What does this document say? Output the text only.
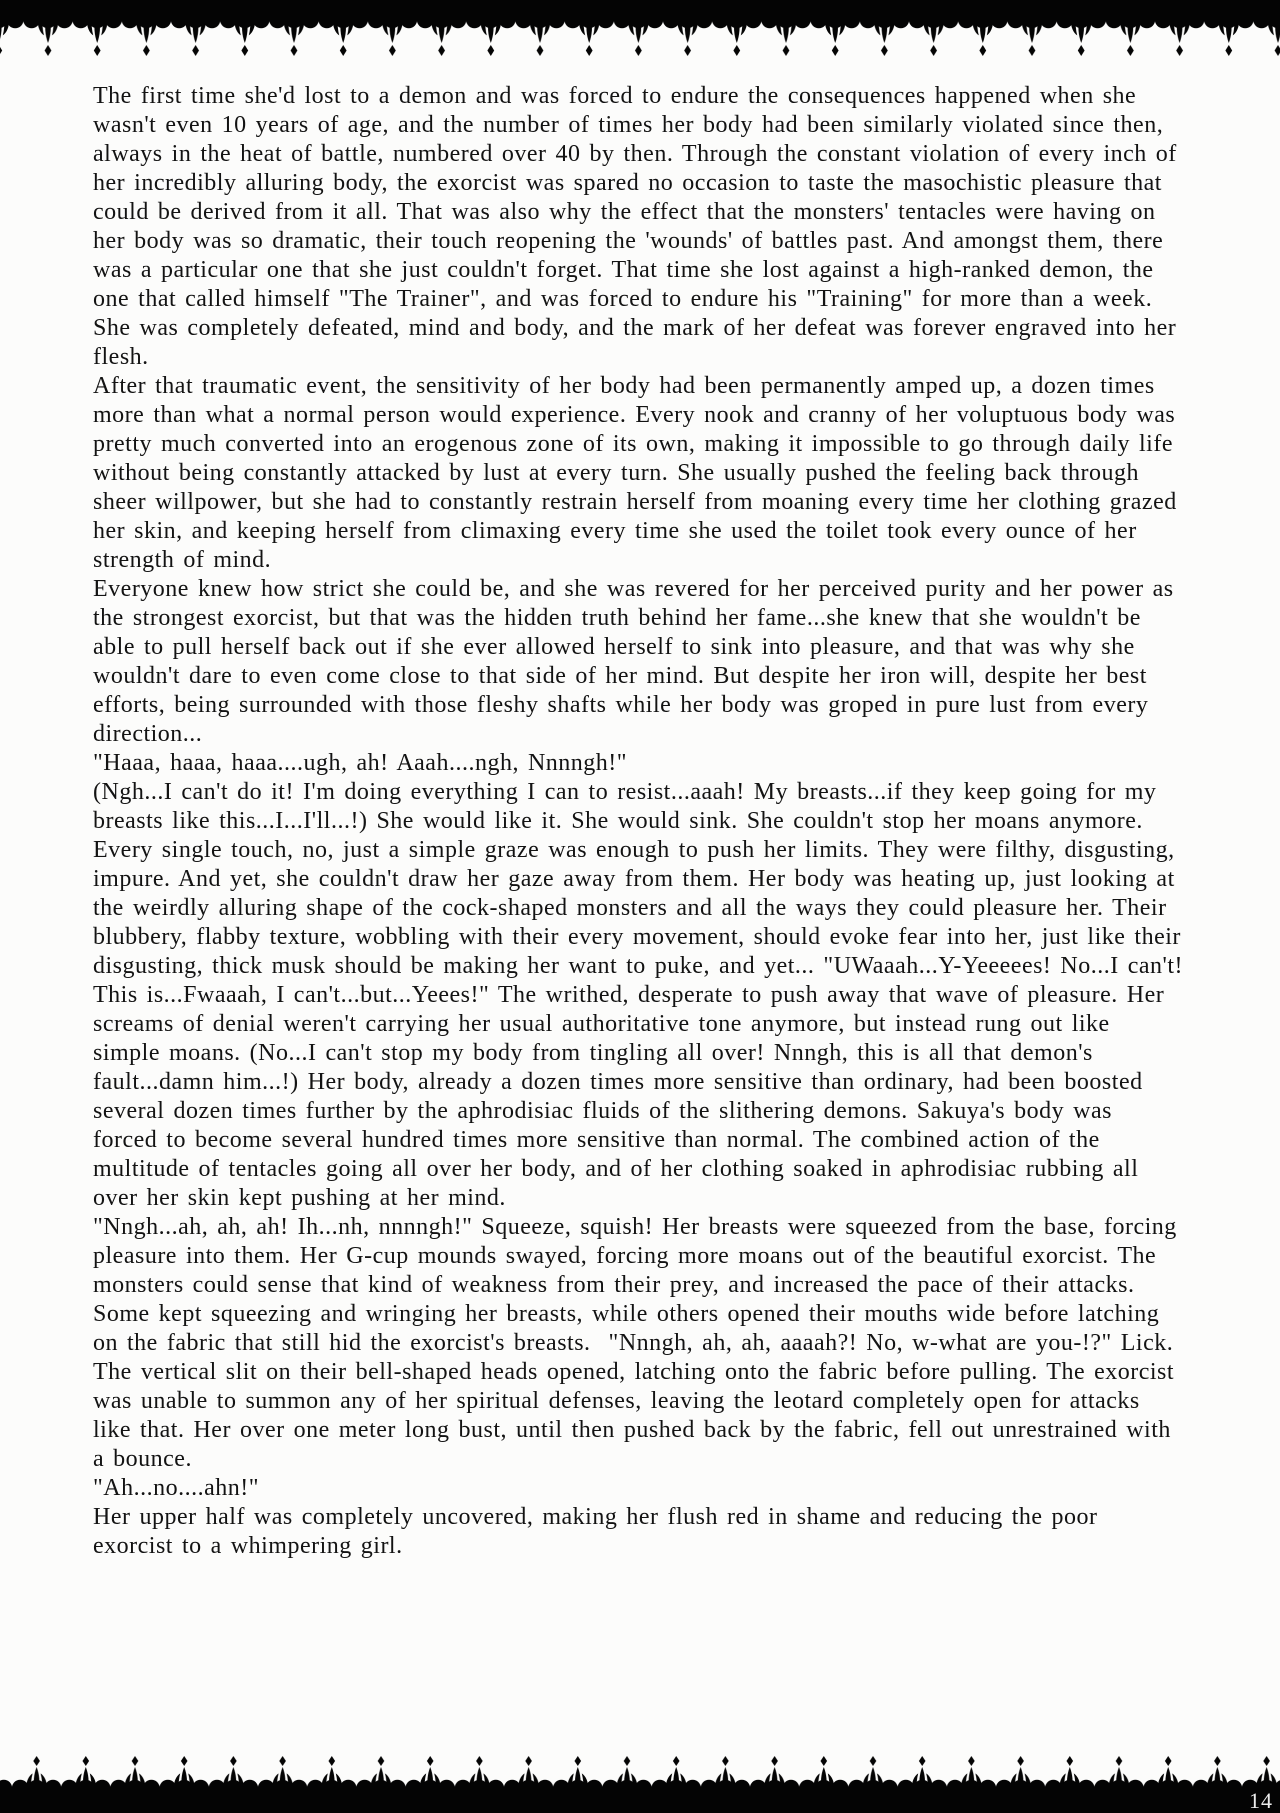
The first time she'd lost to a demon and was forced to endure the consequences happened when she wasn't even 10 years of age, and the number of times her body had been similarly violated since then, always in the heat of battle, numbered over 40 by then. Through the constant violation of every inch of her incredibly alluring body, the exorcist was spared no occasion to taste the masochistic pleasure that could be derived from it all. That was also why the effect that the monsters' tentacles were having on her body was so dramatic, their touch reopening the 'wounds' of battles past. And amongst them, there was a particular one that she just couldn't forget. That time she lost against a high-ranked demon, the one that called himself "The Trainer", and was forced to endure his "Training" for more than a week. She was completely defeated, mind and body, and the mark of her defeat was forever engraved into her flesh.

After that traumatic event, the sensitivity of her body had been permanently amped up, a dozen times more than what a normal person would experience. Every nook and cranny of her voluptuous body was pretty much converted into an erogenous zone of its own, making it impossible to go through daily life without being constantly attacked by lust at every turn. She usually pushed the feeling back through sheer willpower, but she had to constantly restrain herself from moaning every time her clothing grazed her skin, and keeping herself from climaxing every time she used the toilet took every ounce of her strength of mind.

Everyone knew how strict she could be, and she was revered for her perceived purity and her power as the strongest exorcist, but that was the hidden truth behind her fame...she knew that she wouldn't be able to pull herself back out if she ever allowed herself to sink into pleasure, and that was why she wouldn't dare to even come close to that side of her mind. But despite her iron will, despite her best efforts, being surrounded with those fleshy shafts while her body was groped in pure lust from every direction...

"Haaa, haaa, haaa....ugh, ah! Aaah....ngh, Nnnngh!"

(Ngh...I can't do it! I'm doing everything I can to resist...aaah! My breasts...if they keep going for my breasts like this...I...I'll...!) She would like it. She would sink. She couldn't stop her moans anymore. Every single touch, no, just a simple graze was enough to push her limits. They were filthy, disgusting, impure. And yet, she couldn't draw her gaze away from them. Her body was heating up, just looking at the weirdly alluring shape of the cock-shaped monsters and all the ways they could pleasure her. Their blubbery, flabby texture, wobbling with their every movement, should evoke fear into her, just like their disgusting, thick musk should be making her want to puke, and yet... "UWaaah...Y-Yeeeees! No...I can't! This is...Fwaaah, I can't...but...Yeees!" The writhed, desperate to push away that wave of pleasure. Her screams of denial weren't carrying her usual authoritative tone anymore, but instead rung out like simple moans. (No...I can't stop my body from tingling all over! Nnngh, this is all that demon's fault...damn him...!) Her body, already a dozen times more sensitive than ordinary, had been boosted several dozen times further by the aphrodisiac fluids of the slithering demons. Sakuya's body was forced to become several hundred times more sensitive than normal. The combined action of the multitude of tentacles going all over her body, and of her clothing soaked in aphrodisiac rubbing all over her skin kept pushing at her mind.

"Nngh...ah, ah, ah! Ih...nh, nnnngh!" Squeeze, squish! Her breasts were squeezed from the base, forcing pleasure into them. Her G-cup mounds swayed, forcing more moans out of the beautiful exorcist. The monsters could sense that kind of weakness from their prey, and increased the pace of their attacks. Some kept squeezing and wringing her breasts, while others opened their mouths wide before latching on the fabric that still hid the exorcist's breasts.  "Nnngh, ah, ah, aaaah?! No, w-what are you-!?" Lick. The vertical slit on their bell-shaped heads opened, latching onto the fabric before pulling. The exorcist was unable to summon any of her spiritual defenses, leaving the leotard completely open for attacks like that. Her over one meter long bust, until then pushed back by the fabric, fell out unrestrained with a bounce.

"Ah...no....ahn!"

Her upper half was completely uncovered, making her flush red in shame and reducing the poor exorcist to a whimpering girl.

14
